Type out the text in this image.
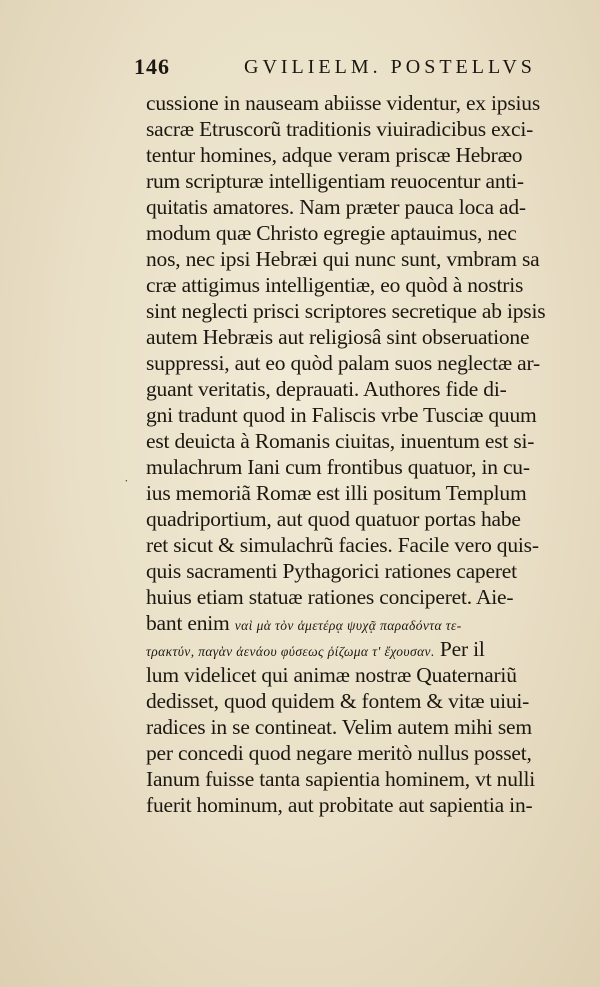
146	GVILIELM. POSTELLVS
˙
cussione in nauseam abiisse videntur, ex ipsius
sacræ Etruscorũ traditionis viuiradicibus exci-
tentur homines, adque veram priscæ Hebræo
rum scripturæ intelligentiam reuocentur anti-
quitatis amatores. Nam præter pauca loca ad-
modum quæ Christo egregie aptauimus, nec
nos, nec ipsi Hebræi qui nunc sunt, vmbram sa
cræ attigimus intelligentiæ, eo quòd à nostris
sint neglecti prisci scriptores secretique ab ipsis
autem Hebræis aut religiosâ sint obseruatione
suppressi, aut eo quòd palam suos neglectæ ar-
guant veritatis, deprauati. Authores fide di-
gni tradunt quod in Faliscis vrbe Tusciæ quum
est deuicta à Romanis ciuitas, inuentum est si-
mulachrum Iani cum frontibus quatuor, in cu-
ius memoriã Romæ est illi positum Templum
quadriportium, aut quod quatuor portas habe
ret sicut & simulachrũ facies. Facile vero quis-
quis sacramenti Pythagorici rationes caperet
huius etiam statuæ rationes conciperet. Aie-
bant enim ναὶ μὰ τὸν ἁμετέρᾳ ψυχᾷ παραδόντα τε-
τρακτύν, παγὰν ἀενάου φύσεως ῥίζωμα τ' ἔχουσαν. Per il
lum videlicet qui animæ nostræ Quaternariũ
dedisset, quod quidem & fontem & vitæ uiui-
radices in se contineat. Velim autem mihi sem
per concedi quod negare meritò nullus posset,
Ianum fuisse tanta sapientia hominem, vt nulli
fuerit hominum, aut probitate aut sapientia in-
